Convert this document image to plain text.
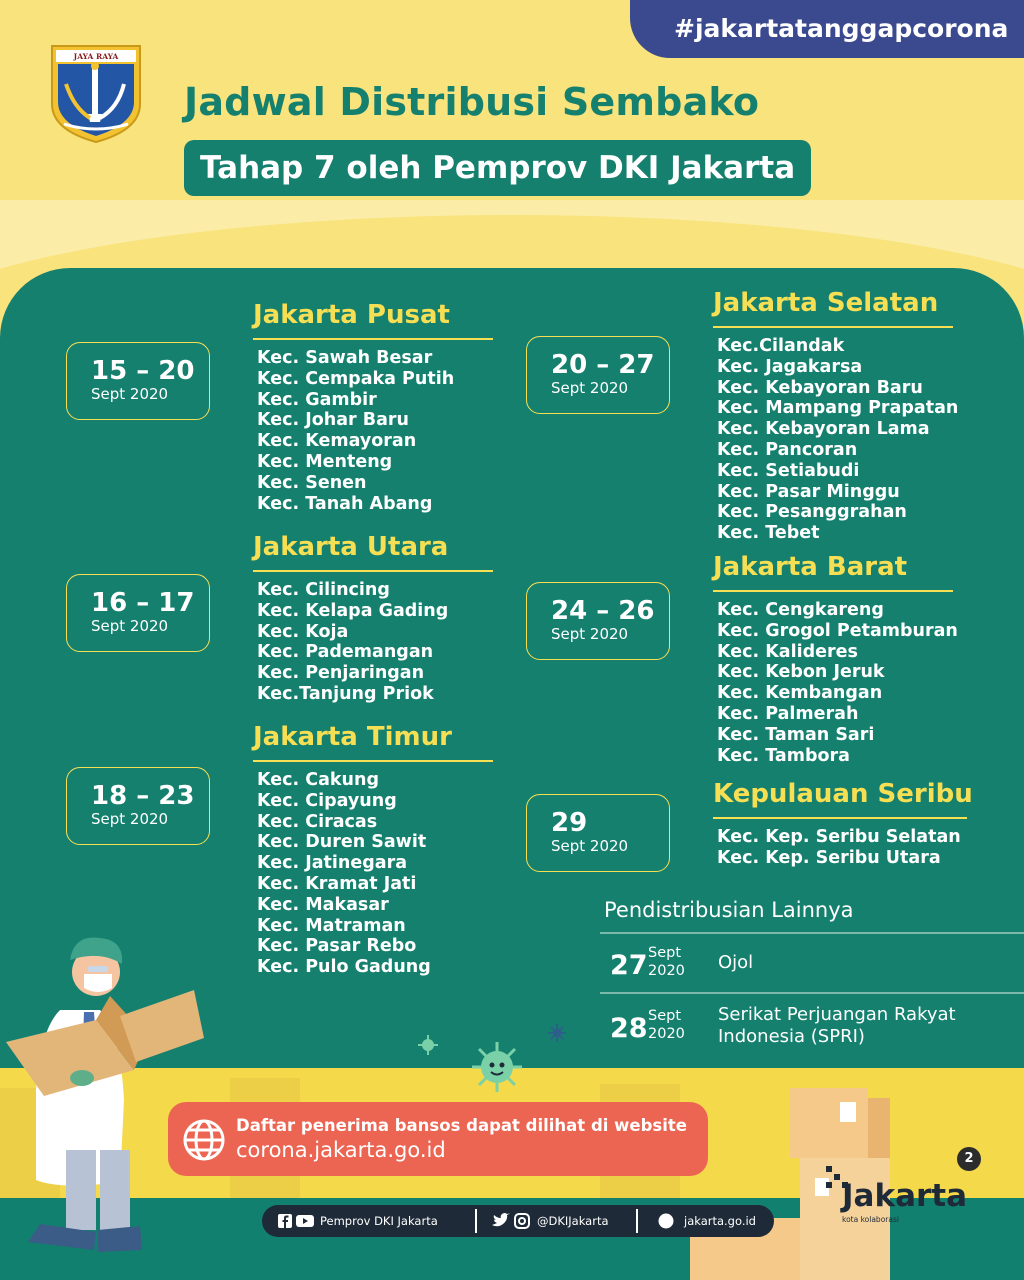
#jakartatanggapcorona
JAYA RAYA
Jadwal Distribusi Sembako
Tahap 7 oleh Pemprov DKI Jakarta
15 – 20
Sept 2020
16 – 17
Sept 2020
18 – 23
Sept 2020
20 – 27
Sept 2020
24 – 26
Sept 2020
29
Sept 2020
Jakarta Pusat
Kec. Sawah Besar
Kec. Cempaka Putih
Kec. Gambir
Kec. Johar Baru
Kec. Kemayoran
Kec. Menteng
Kec. Senen
Kec. Tanah Abang
Jakarta Utara
Kec. Cilincing
Kec. Kelapa Gading
Kec. Koja
Kec. Pademangan
Kec. Penjaringan
Kec.Tanjung Priok
Jakarta Timur
Kec. Cakung
Kec. Cipayung
Kec. Ciracas
Kec. Duren Sawit
Kec. Jatinegara
Kec. Kramat Jati
Kec. Makasar
Kec. Matraman
Kec. Pasar Rebo
Kec. Pulo Gadung
Jakarta Selatan
Kec.Cilandak
Kec. Jagakarsa
Kec. Kebayoran Baru
Kec. Mampang Prapatan
Kec. Kebayoran Lama
Kec. Pancoran
Kec. Setiabudi
Kec. Pasar Minggu
Kec. Pesanggrahan
Kec. Tebet
Jakarta Barat
Kec. Cengkareng
Kec. Grogol Petamburan
Kec. Kalideres
Kec. Kebon Jeruk
Kec. Kembangan
Kec. Palmerah
Kec. Taman Sari
Kec. Tambora
Kepulauan Seribu
Kec. Kep. Seribu Selatan
Kec. Kep. Seribu Utara
Pendistribusian Lainnya
27 Sept
2020 Ojol
28 Sept
2020
Serikat Perjuangan Rakyat
Indonesia (SPRI)
Daftar penerima bansos dapat dilihat di website
corona.jakarta.go.id
Pemprov DKI Jakarta	@DKIJakarta	jakarta.go.id
2
Jakarta
kota kolaborasi
